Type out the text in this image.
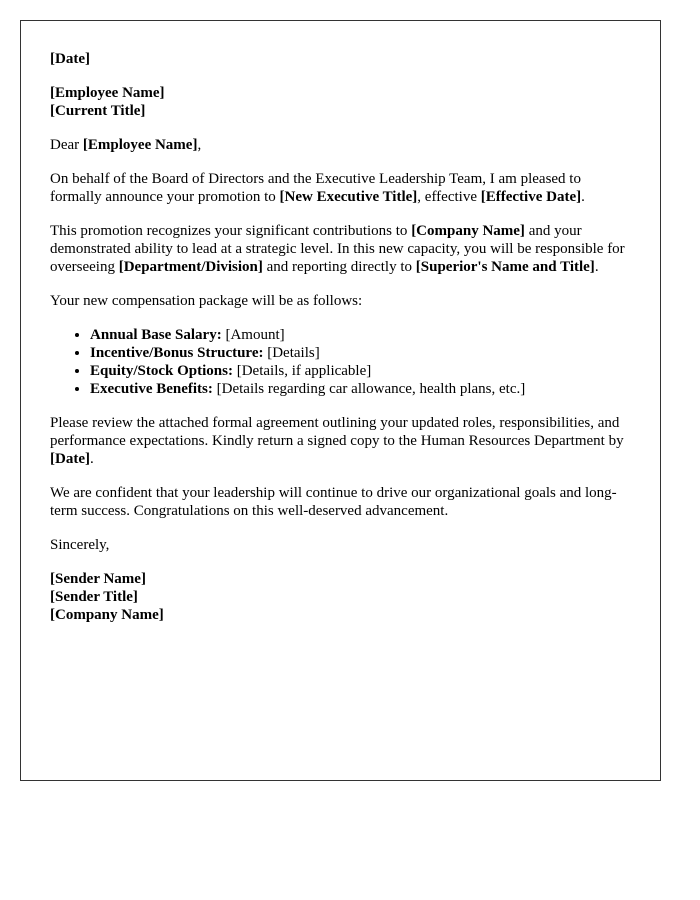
[Date]

[Employee Name]
[Current Title]

Dear [Employee Name],

On behalf of the Board of Directors and the Executive Leadership Team, I am pleased to formally announce your promotion to [New Executive Title], effective [Effective Date].

This promotion recognizes your significant contributions to [Company Name] and your demonstrated ability to lead at a strategic level. In this new capacity, you will be responsible for overseeing [Department/Division] and reporting directly to [Superior's Name and Title].

Your new compensation package will be as follows:

• Annual Base Salary: [Amount]
• Incentive/Bonus Structure: [Details]
• Equity/Stock Options: [Details, if applicable]
• Executive Benefits: [Details regarding car allowance, health plans, etc.]

Please review the attached formal agreement outlining your updated roles, responsibilities, and performance expectations. Kindly return a signed copy to the Human Resources Department by [Date].

We are confident that your leadership will continue to drive our organizational goals and long-term success. Congratulations on this well-deserved advancement.

Sincerely,

[Sender Name]
[Sender Title]
[Company Name]
